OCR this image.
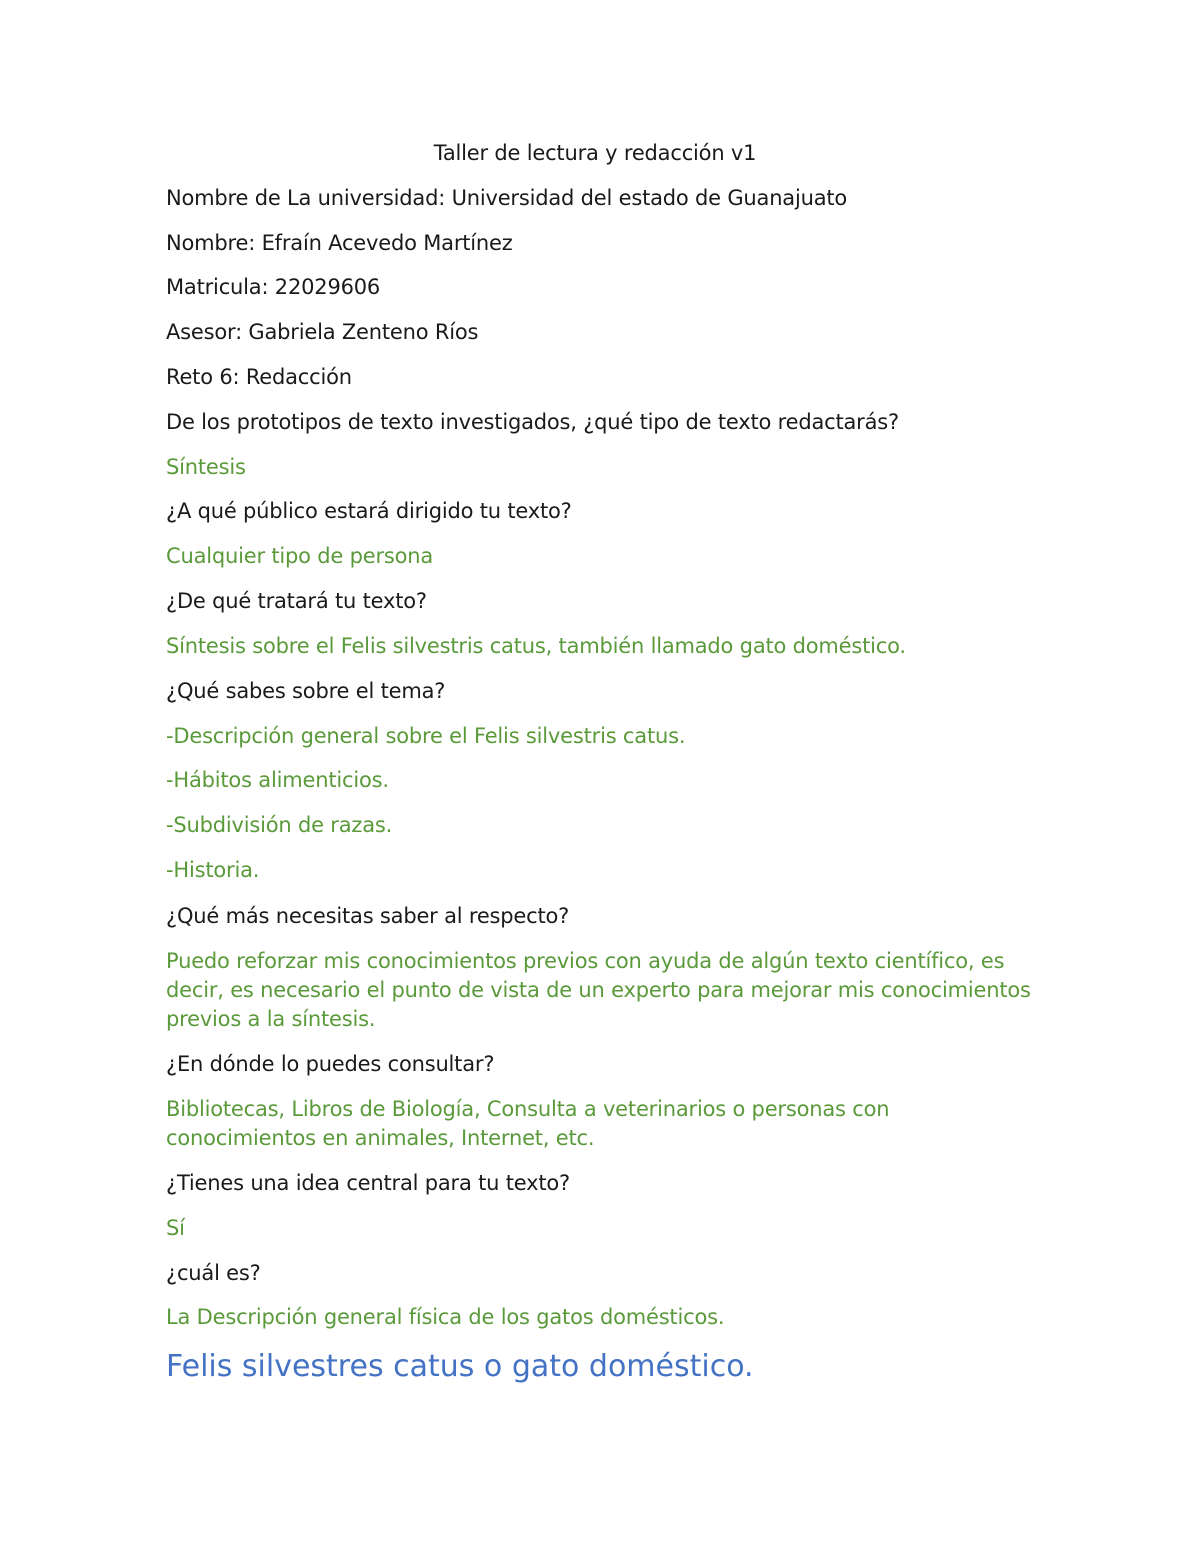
Taller de lectura y redacción v1

Nombre de La universidad: Universidad del estado de Guanajuato

Nombre: Efraín Acevedo Martínez

Matricula: 22029606

Asesor: Gabriela Zenteno Ríos

Reto 6: Redacción

De los prototipos de texto investigados, ¿qué tipo de texto redactarás?

Síntesis

¿A qué público estará dirigido tu texto?

Cualquier tipo de persona

¿De qué tratará tu texto?

Síntesis sobre el Felis silvestris catus, también llamado gato doméstico.

¿Qué sabes sobre el tema?

-Descripción general sobre el Felis silvestris catus.

-Hábitos alimenticios.

-Subdivisión de razas.

-Historia.

¿Qué más necesitas saber al respecto?

Puedo reforzar mis conocimientos previos con ayuda de algún texto científico, es decir, es necesario el punto de vista de un experto para mejorar mis conocimientos previos a la síntesis.

¿En dónde lo puedes consultar?

Bibliotecas, Libros de Biología, Consulta a veterinarios o personas con conocimientos en animales, Internet, etc.

¿Tienes una idea central para tu texto?

Sí

¿cuál es?

La Descripción general física de los gatos domésticos.

Felis silvestres catus o gato doméstico.
